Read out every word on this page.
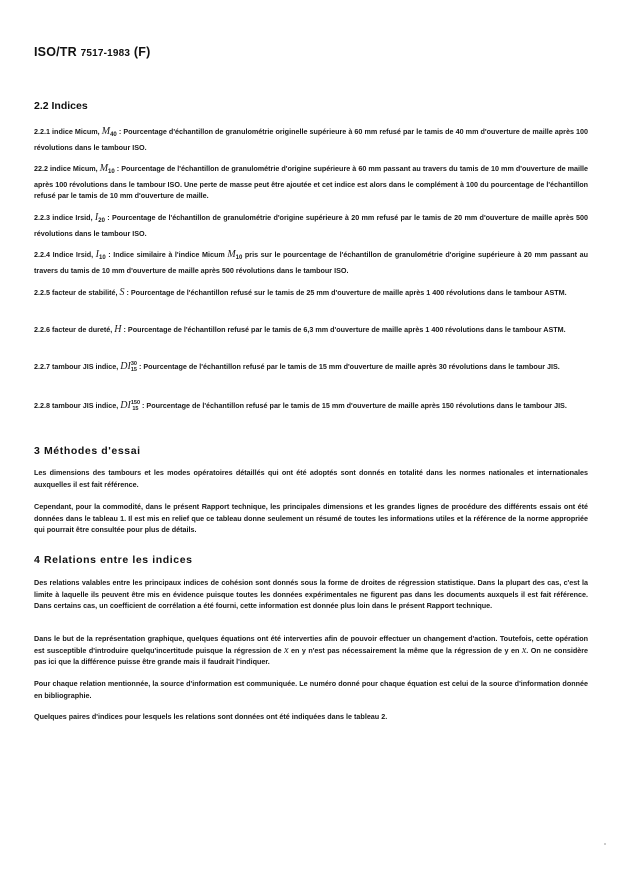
ISO/TR 7517-1983 (F)
2.2 Indices

2.2.1 indice Micum, $M_{40}$ : Pourcentage d'échantillon de granulométrie originelle supérieure à 60 mm refusé par le tamis de 40 mm d'ouverture de maille après 100 révolutions dans le tambour ISO.

22.2 indice Micum, $M_{10}$ : Pourcentage de l'échantillon de granulométrie d'origine supérieure à 60 mm passant au travers du tamis de 10 mm d'ouverture de maille après 100 révolutions dans le tambour ISO. Une perte de masse peut être ajoutée et cet indice est alors dans le complément à 100 du pourcentage de l'échantillon refusé par le tamis de 10 mm d'ouverture de maille.

2.2.3 indice Irsid, $I_{20}$ : Pourcentage de l'échantillon de granulométrie d'origine supérieure à 20 mm refusé par le tamis de 20 mm d'ouverture de maille après 500 révolutions dans le tambour ISO.

2.2.4 Indice Irsid, $I_{10}$ : Indice similaire à l'indice Micum $M_{10}$ pris sur le pourcentage de l'échantillon de granulométrie d'origine supérieure à 20 mm passant au travers du tamis de 10 mm d'ouverture de maille après 500 révolutions dans le tambour ISO.

2.2.5 facteur de stabilité, S : Pourcentage de l'échantillon refusé sur le tamis de 25 mm d'ouverture de maille après 1 400 révolutions dans le tambour ASTM.

2.2.6 facteur de dureté, H : Pourcentage de l'échantillon refusé par le tamis de 6,3 mm d'ouverture de maille après 1 400 révolutions dans le tambour ASTM.

2.2.7 tambour JIS indice, DI 30
15 : Pourcentage de l'échantillon refusé par le tamis de 15 mm d'ouverture de maille après 30 révolutions dans le tambour JIS.

2.2.8 tambour JIS indice, DI 150
15 : Pourcentage de l'échantillon refusé par le tamis de 15 mm d'ouverture de maille après 150 révolutions dans le tambour JIS.

3 Méthodes d'essai

Les dimensions des tambours et les modes opératoires détaillés qui ont été adoptés sont donnés en totalité dans les normes nationales et internationales auxquelles il est fait référence.

Cependant, pour la commodité, dans le présent Rapport technique, les principales dimensions et les grandes lignes de procédure des différents essais ont été données dans le tableau 1. Il est mis en relief que ce tableau donne seulement un résumé de toutes les informations utiles et la référence de la norme appropriée qui pourrait être consultée pour plus de détails.

4 Relations entre les indices

Des relations valables entre les principaux indices de cohésion sont donnés sous la forme de droites de régression statistique. Dans la plupart des cas, c'est la limite à laquelle ils peuvent être mis en évidence puisque toutes les données expérimentales ne figurent pas dans les documents auxquels il est fait référence. Dans certains cas, un coefficient de corrélation a été fourni, cette information est donnée plus loin dans le présent Rapport technique.

Dans le but de la représentation graphique, quelques équations ont été interverties afin de pouvoir effectuer un changement d'action. Toutefois, cette opération est susceptible d'introduire quelqu'incertitude puisque la régression de x en y n'est pas nécessairement la même que la régression de y en x. On ne considère pas ici que la différence puisse être grande mais il faudrait l'indiquer.

Pour chaque relation mentionnée, la source d'information est communiquée. Le numéro donné pour chaque équation est celui de la source d'information donnée en bibliographie.

Quelques paires d'indices pour lesquels les relations sont données ont été indiquées dans le tableau 2.
